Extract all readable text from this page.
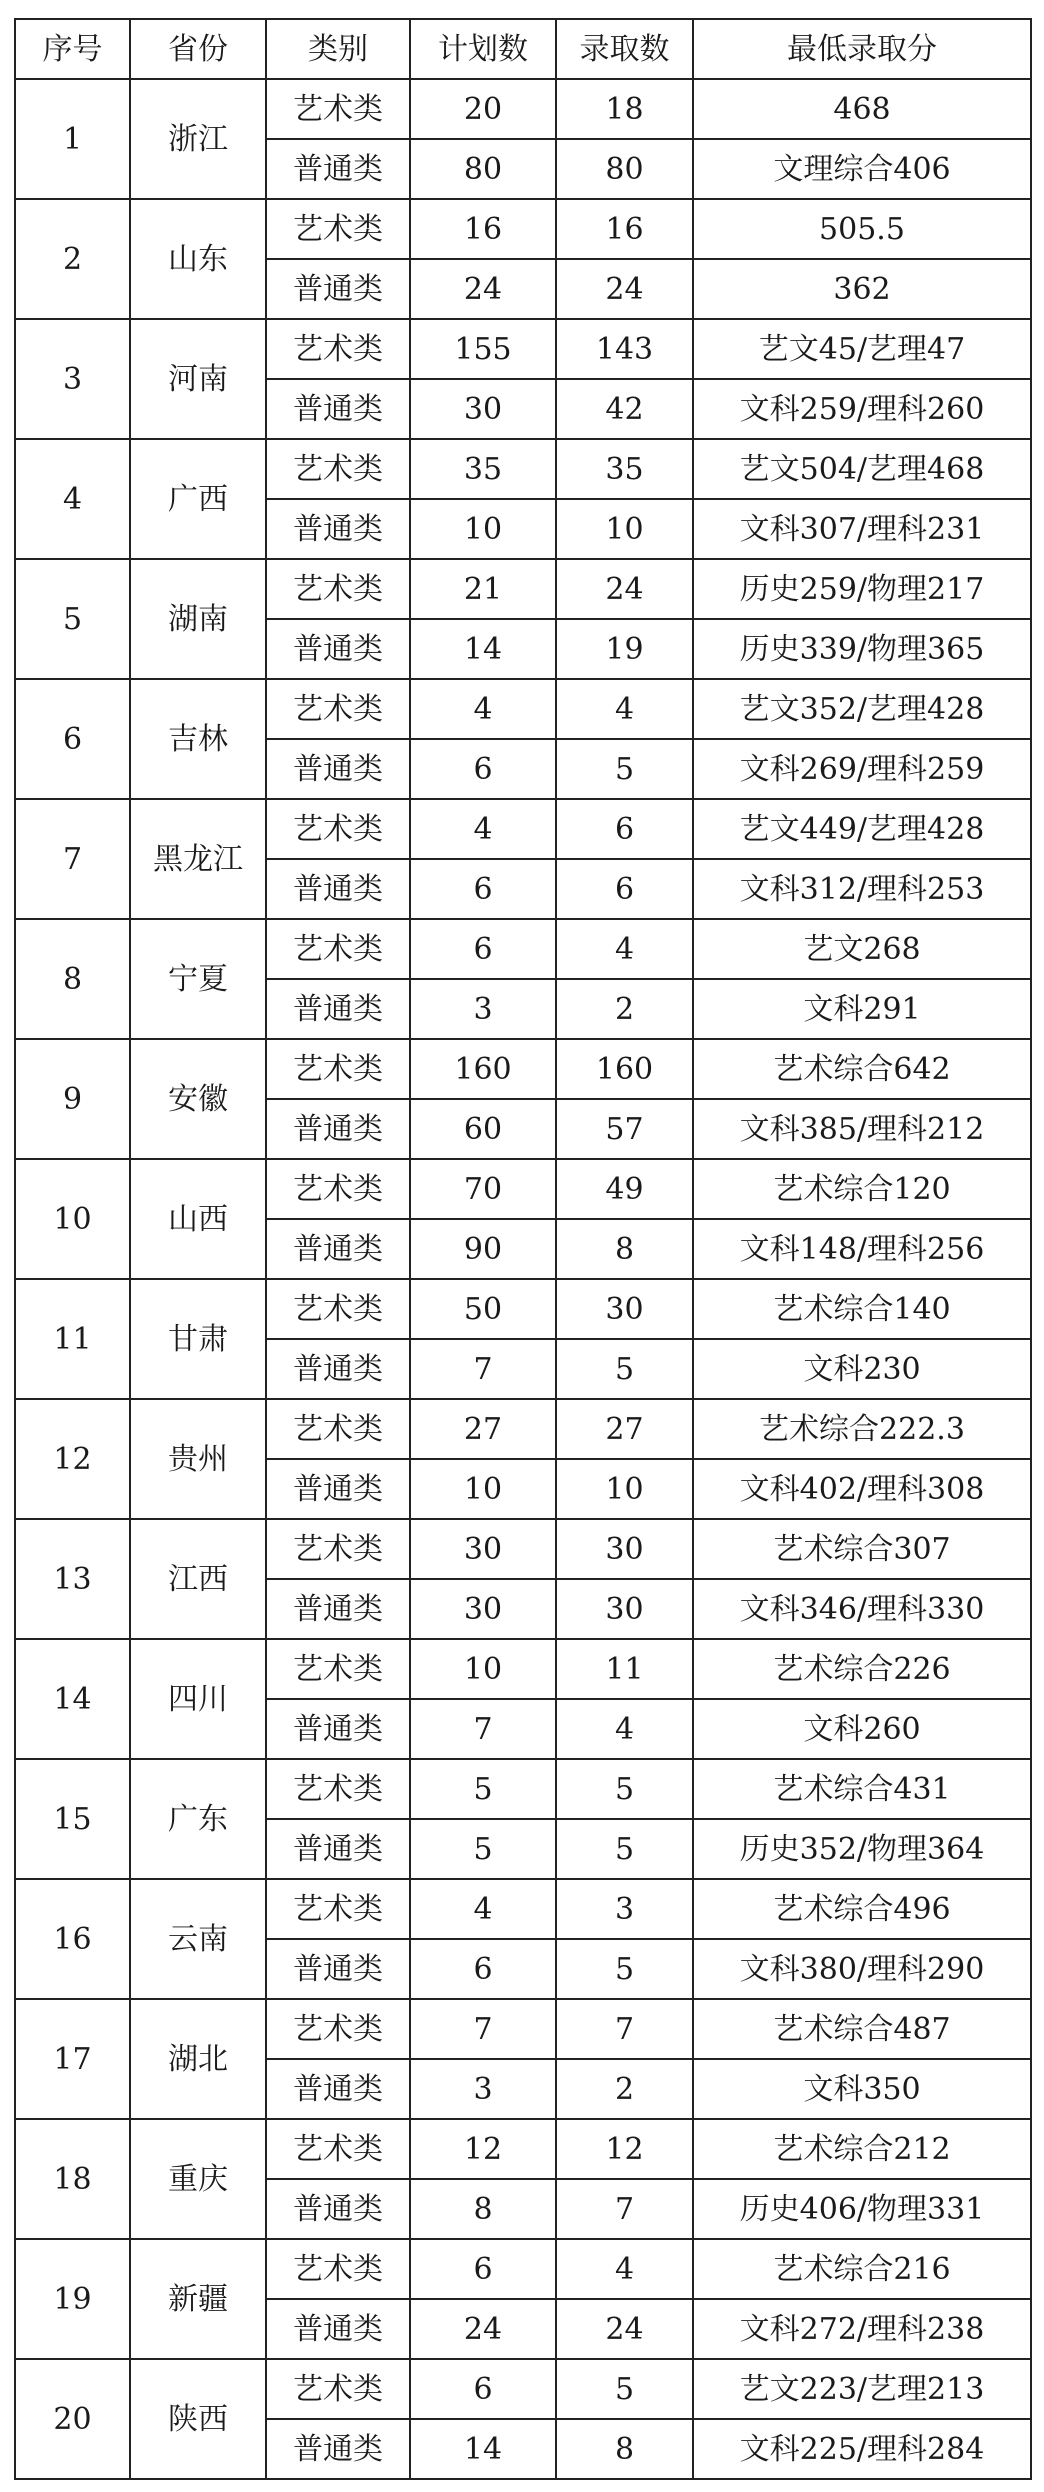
序号	省份	类别	计划数	录取数	最低录取分
1	浙江	艺术类	20	18	468
		普通类	80	80	文理综合406
2	山东	艺术类	16	16	505.5
		普通类	24	24	362
3	河南	艺术类	155	143	艺文45/艺理47
		普通类	30	42	文科259/理科260
4	广西	艺术类	35	35	艺文504/艺理468
		普通类	10	10	文科307/理科231
5	湖南	艺术类	21	24	历史259/物理217
		普通类	14	19	历史339/物理365
6	吉林	艺术类	4	4	艺文352/艺理428
		普通类	6	5	文科269/理科259
7	黑龙江	艺术类	4	6	艺文449/艺理428
		普通类	6	6	文科312/理科253
8	宁夏	艺术类	6	4	艺文268
		普通类	3	2	文科291
9	安徽	艺术类	160	160	艺术综合642
		普通类	60	57	文科385/理科212
10	山西	艺术类	70	49	艺术综合120
		普通类	90	8	文科148/理科256
11	甘肃	艺术类	50	30	艺术综合140
		普通类	7	5	文科230
12	贵州	艺术类	27	27	艺术综合222.3
		普通类	10	10	文科402/理科308
13	江西	艺术类	30	30	艺术综合307
		普通类	30	30	文科346/理科330
14	四川	艺术类	10	11	艺术综合226
		普通类	7	4	文科260
15	广东	艺术类	5	5	艺术综合431
		普通类	5	5	历史352/物理364
16	云南	艺术类	4	3	艺术综合496
		普通类	6	5	文科380/理科290
17	湖北	艺术类	7	7	艺术综合487
		普通类	3	2	文科350
18	重庆	艺术类	12	12	艺术综合212
		普通类	8	7	历史406/物理331
19	新疆	艺术类	6	4	艺术综合216
		普通类	24	24	文科272/理科238
20	陕西	艺术类	6	5	艺文223/艺理213
		普通类	14	8	文科225/理科284
